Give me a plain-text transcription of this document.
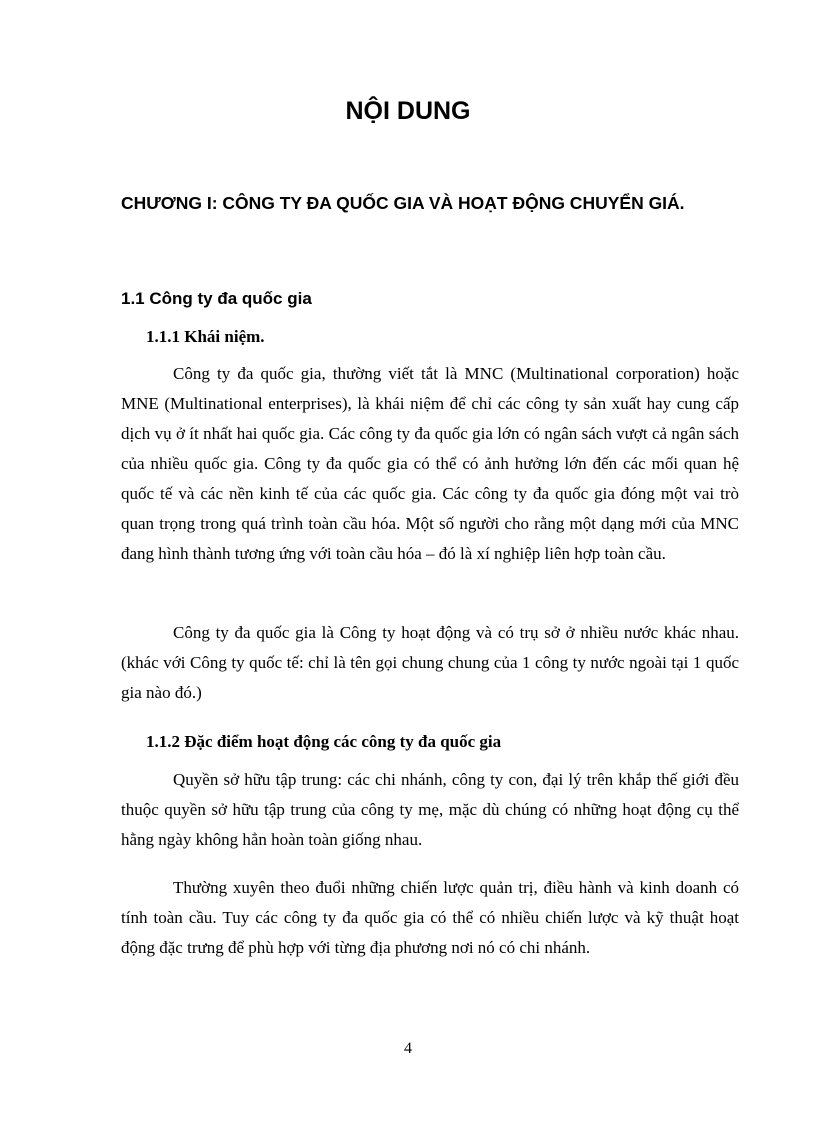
NỘI DUNG
CHƯƠNG I: CÔNG TY ĐA QUỐC GIA VÀ HOẠT ĐỘNG CHUYỂN GIÁ.
1.1 Công ty đa quốc gia
1.1.1 Khái niệm.

Công ty đa quốc gia, thường viết tắt là MNC (Multinational corporation) hoặc MNE (Multinational enterprises), là khái niệm để chỉ các công ty sản xuất hay cung cấp dịch vụ ở ít nhất hai quốc gia. Các công ty đa quốc gia lớn có ngân sách vượt cả ngân sách của nhiều quốc gia. Công ty đa quốc gia có thể có ảnh hưởng lớn đến các mối quan hệ quốc tế và các nền kinh tế của các quốc gia. Các công ty đa quốc gia đóng một vai trò quan trọng trong quá trình toàn cầu hóa. Một số người cho rằng một dạng mới của MNC đang hình thành tương ứng với toàn cầu hóa – đó là xí nghiệp liên hợp toàn cầu.

Công ty đa quốc gia là Công ty hoạt động và có trụ sở ở nhiều nước khác nhau. (khác với Công ty quốc tế: chỉ là tên gọi chung chung của 1 công ty nước ngoài tại 1 quốc gia nào đó.)

1.1.2 Đặc điểm hoạt động các công ty đa quốc gia

Quyền sở hữu tập trung: các chi nhánh, công ty con, đại lý trên khắp thế giới đều thuộc quyền sở hữu tập trung của công ty mẹ, mặc dù chúng có những hoạt động cụ thể hằng ngày không hẳn hoàn toàn giống nhau.

Thường xuyên theo đuổi những chiến lược quản trị, điều hành và kinh doanh có tính toàn cầu. Tuy các công ty đa quốc gia có thể có nhiều chiến lược và kỹ thuật hoạt động đặc trưng để phù hợp với từng địa phương nơi nó có chi nhánh.

4
